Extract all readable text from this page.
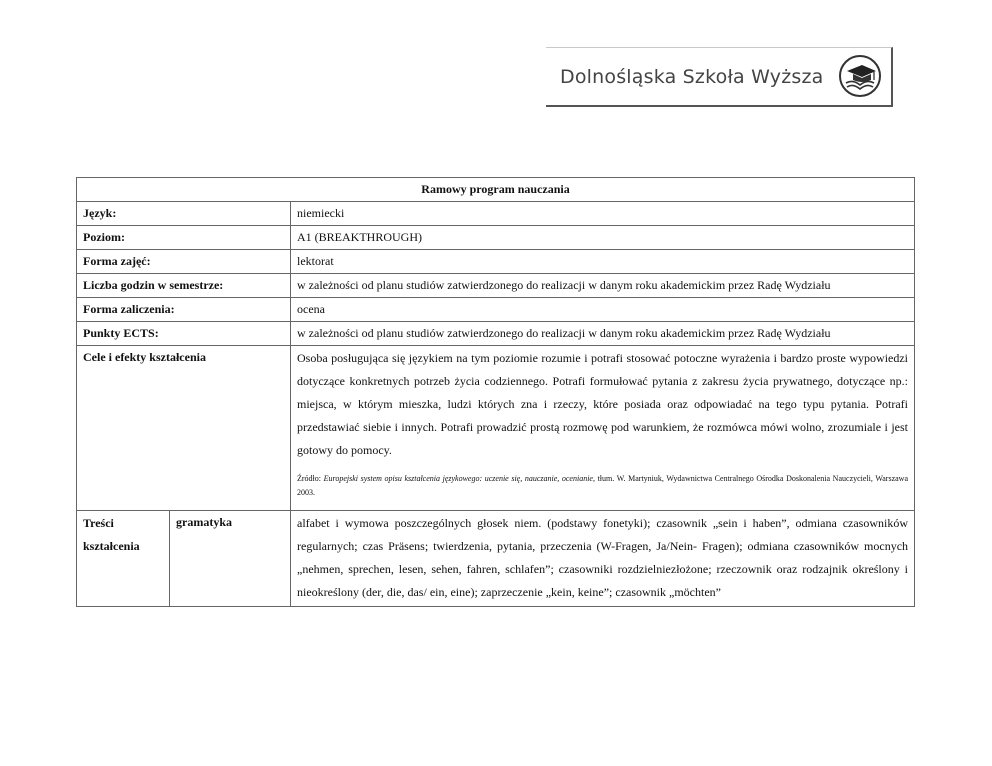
Dolnośląska Szkoła Wyższa
Ramowy program nauczania		
Język:		niemiecki
Poziom:		A1 (BREAKTHROUGH)
Forma zajęć:		lektorat
Liczba godzin w semestrze:		w zależności od planu studiów zatwierdzonego do realizacji w danym roku akademickim przez Radę Wydziału
Forma zaliczenia:		ocena
Punkty ECTS:		w zależności od planu studiów zatwierdzonego do realizacji w danym roku akademickim przez Radę Wydziału
Cele i efekty kształcenia		Osoba posługująca się językiem na tym poziomie rozumie i potrafi stosować potoczne wyrażenia i bardzo proste wypowiedzi dotyczące konkretnych potrzeb życia codziennego. Potrafi formułować pytania z zakresu życia prywatnego, dotyczące np.: miejsca, w którym mieszka, ludzi których zna i rzeczy, które posiada oraz odpowiadać na tego typu pytania. Potrafi przedstawiać siebie i innych. Potrafi prowadzić prostą rozmowę pod warunkiem, że rozmówca mówi wolno, zrozumiale i jest gotowy do pomocy.
Źródło: Europejski system opisu kształcenia językowego: uczenie się, nauczanie, ocenianie, tłum. W. Martyniuk, Wydawnictwa Centralnego Ośrodka Doskonalenia Nauczycieli, Warszawa 2003.

Treści kształcenia	gramatyka	alfabet i wymowa poszczególnych głosek niem. (podstawy fonetyki); czasownik „sein i haben”, odmiana czasowników regularnych; czas Präsens; twierdzenia, pytania, przeczenia (W-Fragen, Ja/Nein- Fragen); odmiana czasowników mocnych „nehmen, sprechen, lesen, sehen, fahren, schlafen”; czasowniki rozdzielniezłożone; rzeczownik oraz rodzajnik określony i nieokreślony (der, die, das/ ein, eine); zaprzeczenie „kein, keine”; czasownik „möchten”
